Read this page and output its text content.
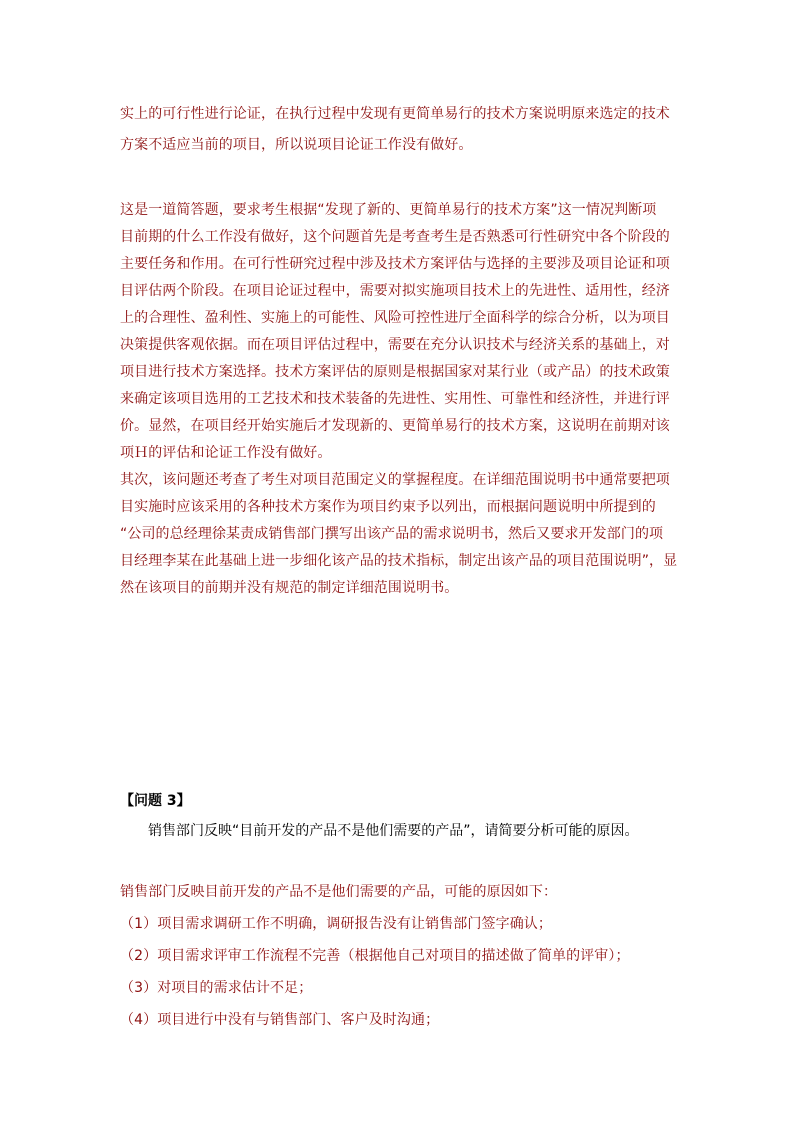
实上的可行性进行论证，在执行过程中发现有更简单易行的技术方案说明原来选定的技术
方案不适应当前的项目，所以说项目论证工作没有做好。
这是一道简答题，要求考生根据“发现了新的、更简单易行的技术方案”这一情况判断项
目前期的什么工作没有做好，这个问题首先是考查考生是否熟悉可行性研究中各个阶段的
主要任务和作用。在可行性研究过程中涉及技术方案评估与选择的主要涉及项目论证和项
目评估两个阶段。在项目论证过程中，需要对拟实施项目技术上的先进性、适用性，经济
上的合理性、盈利性、实施上的可能性、风险可控性进厅全面科学的综合分析，以为项目
决策提供客观依据。而在项目评估过程中，需要在充分认识技术与经济关系的基础上，对
项目进行技术方案选择。技术方案评估的原则是根据国家对某行业（或产品）的技术政策
来确定该项目选用的工艺技术和技术装备的先进性、实用性、可靠性和经济性，并进行评
价。显然，在项目经开始实施后才发现新的、更简单易行的技术方案，这说明在前期对该
项Ｈ的评估和论证工作没有做好。
其次，该问题还考查了考生对项目范围定义的掌握程度。在详细范围说明书中通常要把项
目实施时应该采用的各种技术方案作为项目约束予以列出，而根据问题说明中所提到的
“公司的总经理徐某责成销售部门撰写出该产品的需求说明书，然后又要求开发部门的项
目经理李某在此基础上进一步细化该产品的技术指标，制定出该产品的项目范围说明”，显
然在该项目的前期并没有规范的制定详细范围说明书。
【问题 3】
销售部门反映“目前开发的产品不是他们需要的产品”，请简要分析可能的原因。
销售部门反映目前开发的产品不是他们需要的产品，可能的原因如下：
（1）项目需求调研工作不明确，调研报告没有让销售部门签字确认；
（2）项目需求评审工作流程不完善（根据他自己对项目的描述做了简单的评审）；
（3）对项目的需求估计不足；
（4）项目进行中没有与销售部门、客户及时沟通；
